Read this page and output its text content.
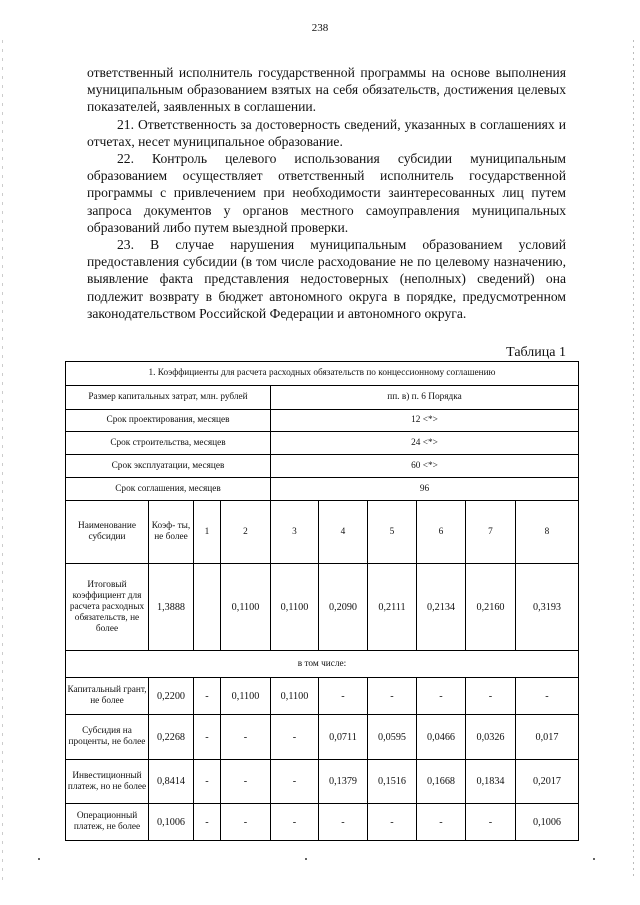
238

ответственный исполнитель государственной программы на основе выполнения муниципальным образованием взятых на себя обязательств, достижения целевых показателей, заявленных в соглашении.

21. Ответственность за достоверность сведений, указанных в соглашениях и отчетах, несет муниципальное образование.

22. Контроль целевого использования субсидии муниципальным образованием осуществляет ответственный исполнитель государственной программы с привлечением при необходимости заинтересованных лиц путем запроса документов у органов местного самоуправления муниципальных образований либо путем выездной проверки.

23. В случае нарушения муниципальным образованием условий предоставления субсидии (в том числе расходование не по целевому назначению, выявление факта представления недостоверных (неполных) сведений) она подлежит возврату в бюджет автономного округа в порядке, предусмотренном законодательством Российской Федерации и автономного округа.

Таблица 1
1. Коэффициенты для расчета расходных обязательств по концессионному соглашению									
Размер капитальных затрат, млн. рублей				пп. в) п. 6 Порядка					
Срок проектирования, месяцев				12 <*>					
Срок строительства, месяцев				24 <*>					
Срок эксплуатации, месяцев				60 <*>					
Срок соглашения, месяцев				96					
Наименование субсидии	Коэф- ты, не более	1	2	3	4	5	6	7	8
Итоговый коэффициент для расчета расходных обязательств, не более	1,3888		0,1100	0,1100	0,2090	0,2111	0,2134	0,2160	0,3193
в том числе:									
Капитальный грант, не более	0,2200	-	0,1100	0,1100	-	-	-	-	-
Субсидия на проценты, не более	0,2268	-	-	-	0,0711	0,0595	0,0466	0,0326	0,017
Инвестиционный платеж, но не более	0,8414	-	-	-	0,1379	0,1516	0,1668	0,1834	0,2017
Операционный платеж, не более	0,1006	-	-	-	-	-	-	-	0,1006
